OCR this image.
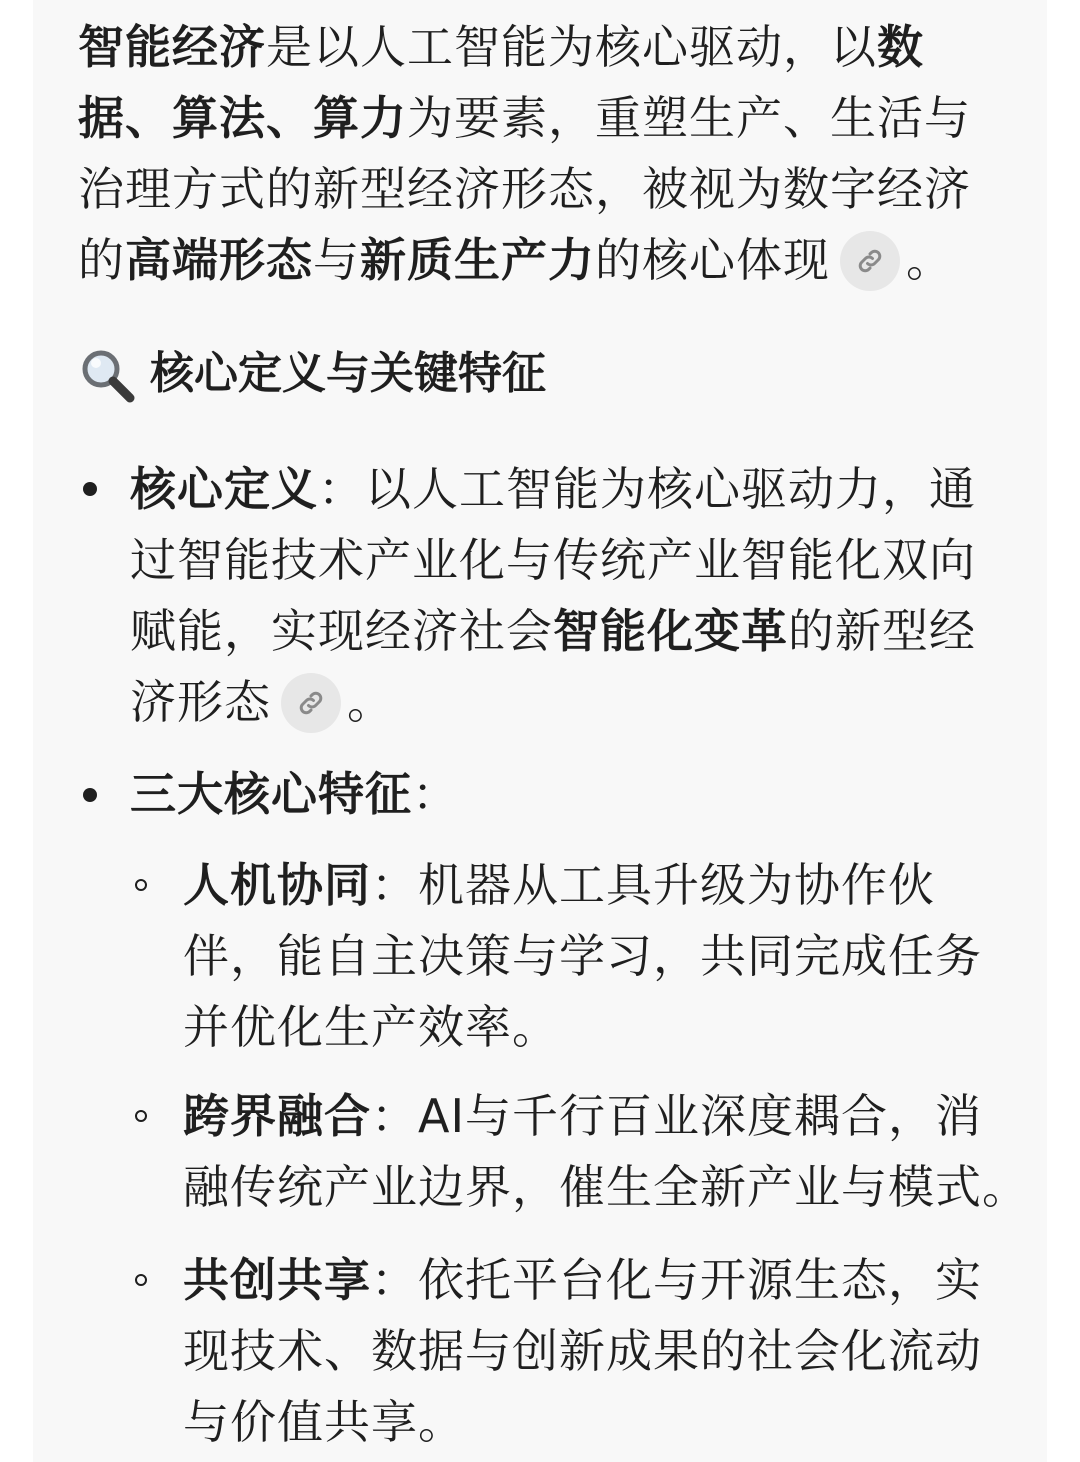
智能经济是以人工智能为核心驱动，以数
据、算法、算力为要素，重塑生产、生活与
治理方式的新型经济形态，被视为数字经济
的高端形态与新质生产力的核心体现 。
核心定义与关键特征
核心定义：以人工智能为核心驱动力，通
过智能技术产业化与传统产业智能化双向
赋能，实现经济社会智能化变革的新型经
济形态 。
三大核心特征：
人机协同：机器从工具升级为协作伙
伴，能自主决策与学习，共同完成任务
并优化生产效率。
跨界融合：AI与千行百业深度耦合，消
融传统产业边界，催生全新产业与模式。
共创共享：依托平台化与开源生态，实
现技术、数据与创新成果的社会化流动
与价值共享。
